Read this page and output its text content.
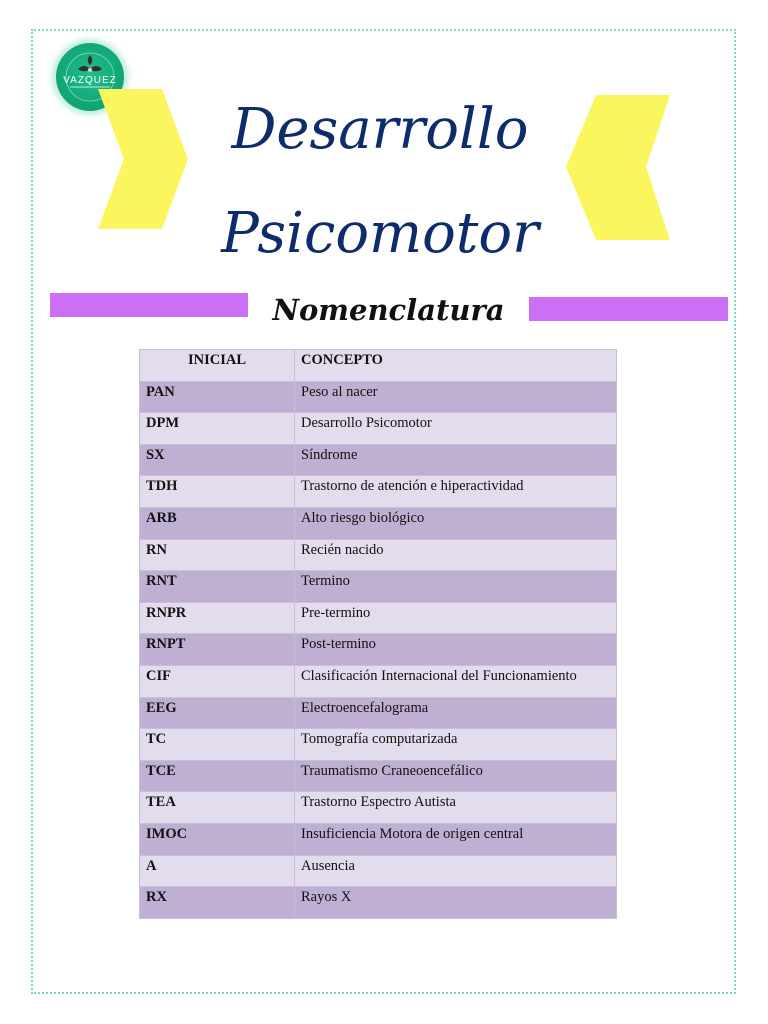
VAZQUEZ
Desarrollo
Psicomotor
Nomenclatura
INICIAL	CONCEPTO
PAN	Peso al nacer
DPM	Desarrollo Psicomotor
SX	Síndrome
TDH	Trastorno de atención e hiperactividad
ARB	Alto riesgo biológico
RN	Recién nacido
RNT	Termino
RNPR	Pre-termino
RNPT	Post-termino
CIF	Clasificación Internacional del Funcionamiento
EEG	Electroencefalograma
TC	Tomografía computarizada
TCE	Traumatismo Craneoencefálico
TEA	Trastorno Espectro Autista
IMOC	Insuficiencia Motora de origen central
A	Ausencia
RX	Rayos X
